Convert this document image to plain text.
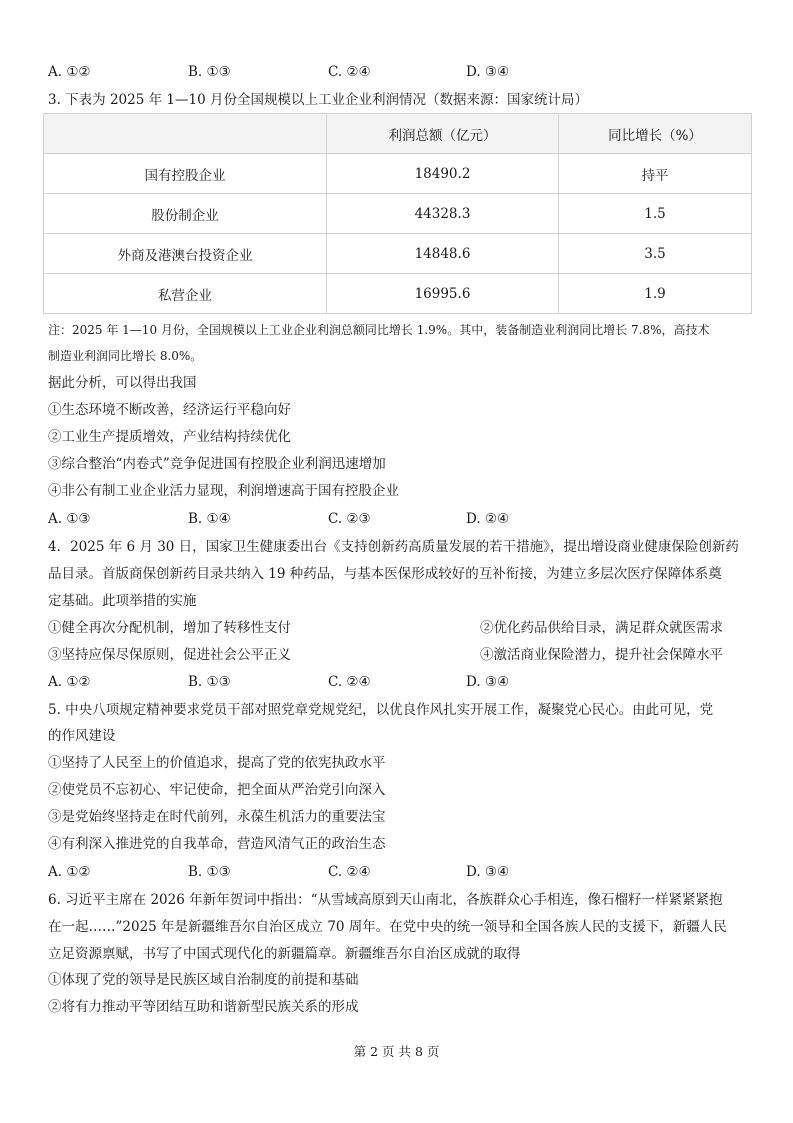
A. ①②	B. ①③	C. ②④	D. ③④
3. 下表为 2025 年 1—10 月份全国规模以上工业企业利润情况（数据来源：国家统计局）
	利润总额（亿元）	同比增长（%）
国有控股企业	18490.2	持平
股份制企业	44328.3	1.5
外商及港澳台投资企业	14848.6	3.5
私营企业	16995.6	1.9
注：2025 年 1—10 月份，全国规模以上工业企业利润总额同比增长 1.9%。其中，装备制造业利润同比增长 7.8%，高技术
制造业利润同比增长 8.0%。
据此分析，可以得出我国
①生态环境不断改善，经济运行平稳向好
②工业生产提质增效，产业结构持续优化
③综合整治“内卷式”竞争促进国有控股企业利润迅速增加
④非公有制工业企业活力显现，利润增速高于国有控股企业
A. ①③	B. ①④	C. ②③	D. ②④
4．2025 年 6 月 30 日，国家卫生健康委出台《支持创新药高质量发展的若干措施》，提出增设商业健康保险创新药
品目录。首版商保创新药目录共纳入 19 种药品，与基本医保形成较好的互补衔接，为建立多层次医疗保障体系奠
定基础。此项举措的实施
①健全再次分配机制，增加了转移性支付	②优化药品供给目录，满足群众就医需求
③坚持应保尽保原则，促进社会公平正义	④激活商业保险潜力，提升社会保障水平
A. ①②	B. ①③	C. ②④	D. ③④
5. 中央八项规定精神要求党员干部对照党章党规党纪，以优良作风扎实开展工作，凝聚党心民心。由此可见，党
的作风建设
①坚持了人民至上的价值追求，提高了党的依宪执政水平
②使党员不忘初心、牢记使命，把全面从严治党引向深入
③是党始终坚持走在时代前列，永葆生机活力的重要法宝
④有利深入推进党的自我革命，营造风清气正的政治生态
A. ①②	B. ①③	C. ②④	D. ③④
6. 习近平主席在 2026 年新年贺词中指出：“从雪域高原到天山南北，各族群众心手相连，像石榴籽一样紧紧紧抱
在一起……”2025 年是新疆维吾尔自治区成立 70 周年。在党中央的统一领导和全国各族人民的支援下，新疆人民
立足资源禀赋，书写了中国式现代化的新疆篇章。新疆维吾尔自治区成就的取得
①体现了党的领导是民族区域自治制度的前提和基础
②将有力推动平等团结互助和谐新型民族关系的形成
第 2 页 共 8 页
